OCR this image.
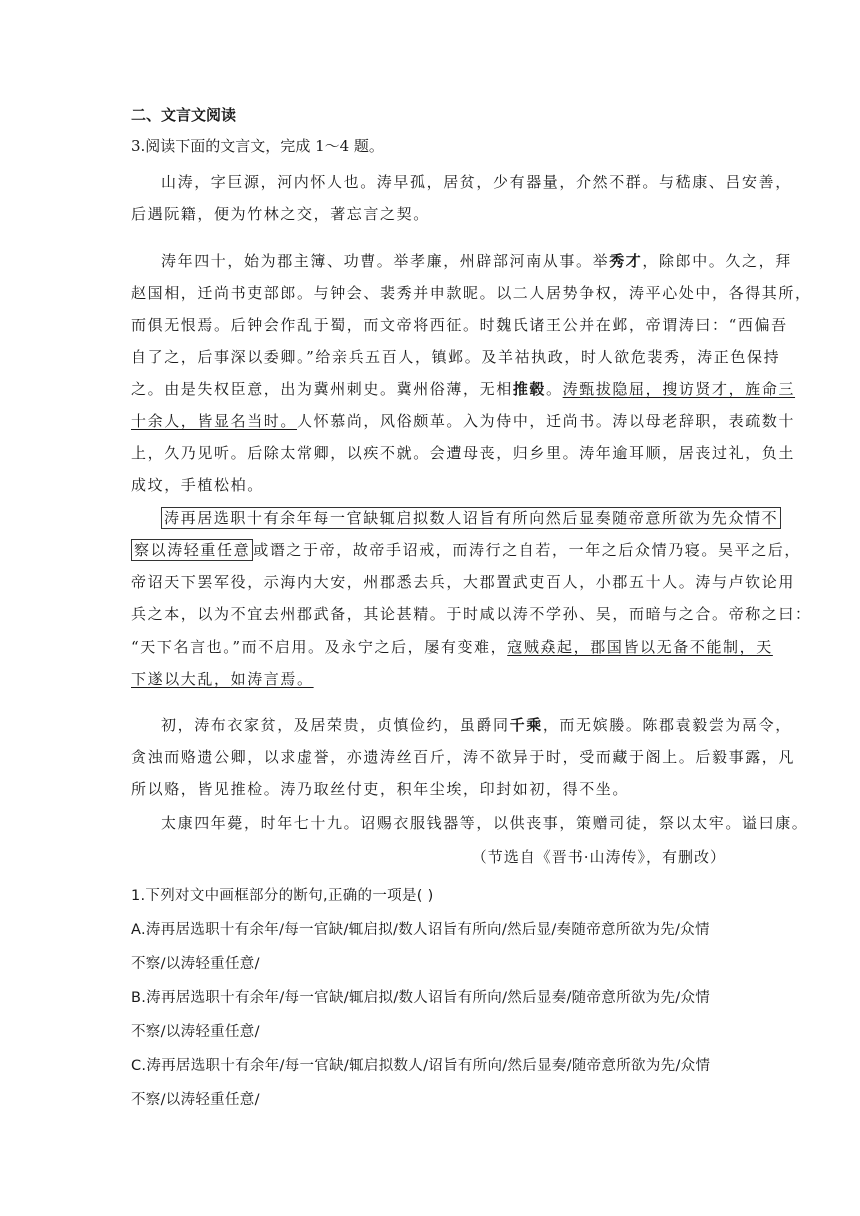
二、文言文阅读
3.阅读下面的文言文，完成 1～4 题。
山涛，字巨源，河内怀人也。涛早孤，居贫，少有器量，介然不群。与嵇康、吕安善，
后遇阮籍，便为竹林之交，著忘言之契。
涛年四十，始为郡主簿、功曹。举孝廉，州辟部河南从事。举秀才，除郎中。久之，拜
赵国相，迁尚书吏部郎。与钟会、裴秀并申款昵。以二人居势争权，涛平心处中，各得其所，
而俱无恨焉。后钟会作乱于蜀，而文帝将西征。时魏氏诸王公并在邺，帝谓涛曰：“西偏吾
自了之，后事深以委卿。”给亲兵五百人，镇邺。及羊祜执政，时人欲危裴秀，涛正色保持
之。由是失权臣意，出为冀州刺史。冀州俗薄，无相推毂。涛甄拔隐屈，搜访贤才，旌命三
十余人，皆显名当时。人怀慕尚，风俗颇革。入为侍中，迁尚书。涛以母老辞职，表疏数十
上，久乃见听。后除太常卿，以疾不就。会遭母丧，归乡里。涛年逾耳顺，居丧过礼，负土
成坟，手植松柏。
涛再居选职十有余年每一官缺辄启拟数人诏旨有所向然后显奏随帝意所欲为先众情不
察以涛轻重任意 或谮之于帝，故帝手诏戒，而涛行之自若，一年之后众情乃寝。吴平之后，
帝诏天下罢军役，示海内大安，州郡悉去兵，大郡置武吏百人，小郡五十人。涛与卢钦论用
兵之本，以为不宜去州郡武备，其论甚精。于时咸以涛不学孙、吴，而暗与之合。帝称之曰：
“天下名言也。”而不启用。及永宁之后，屡有变难，寇贼猋起，郡国皆以无备不能制，天
下遂以大乱，如涛言焉。
初，涛布衣家贫，及居荣贵，贞慎俭约，虽爵同千乘，而无嫔媵。陈郡袁毅尝为鬲令，
贪浊而赂遗公卿，以求虚誉，亦遗涛丝百斤，涛不欲异于时，受而藏于阁上。后毅事露，凡
所以赂，皆见推检。涛乃取丝付吏，积年尘埃，印封如初，得不坐。
太康四年薨，时年七十九。诏赐衣服钱器等，以供丧事，策赠司徒，祭以太牢。谥曰康。
（节选自《晋书·山涛传》，有删改）
1.下列对文中画框部分的断句,正确的一项是( )
A.涛再居选职十有余年/每一官缺/辄启拟/数人诏旨有所向/然后显/奏随帝意所欲为先/众情
不察/以涛轻重任意/
B.涛再居选职十有余年/每一官缺/辄启拟/数人诏旨有所向/然后显奏/随帝意所欲为先/众情
不察/以涛轻重任意/
C.涛再居选职十有余年/每一官缺/辄启拟数人/诏旨有所向/然后显奏/随帝意所欲为先/众情
不察/以涛轻重任意/
